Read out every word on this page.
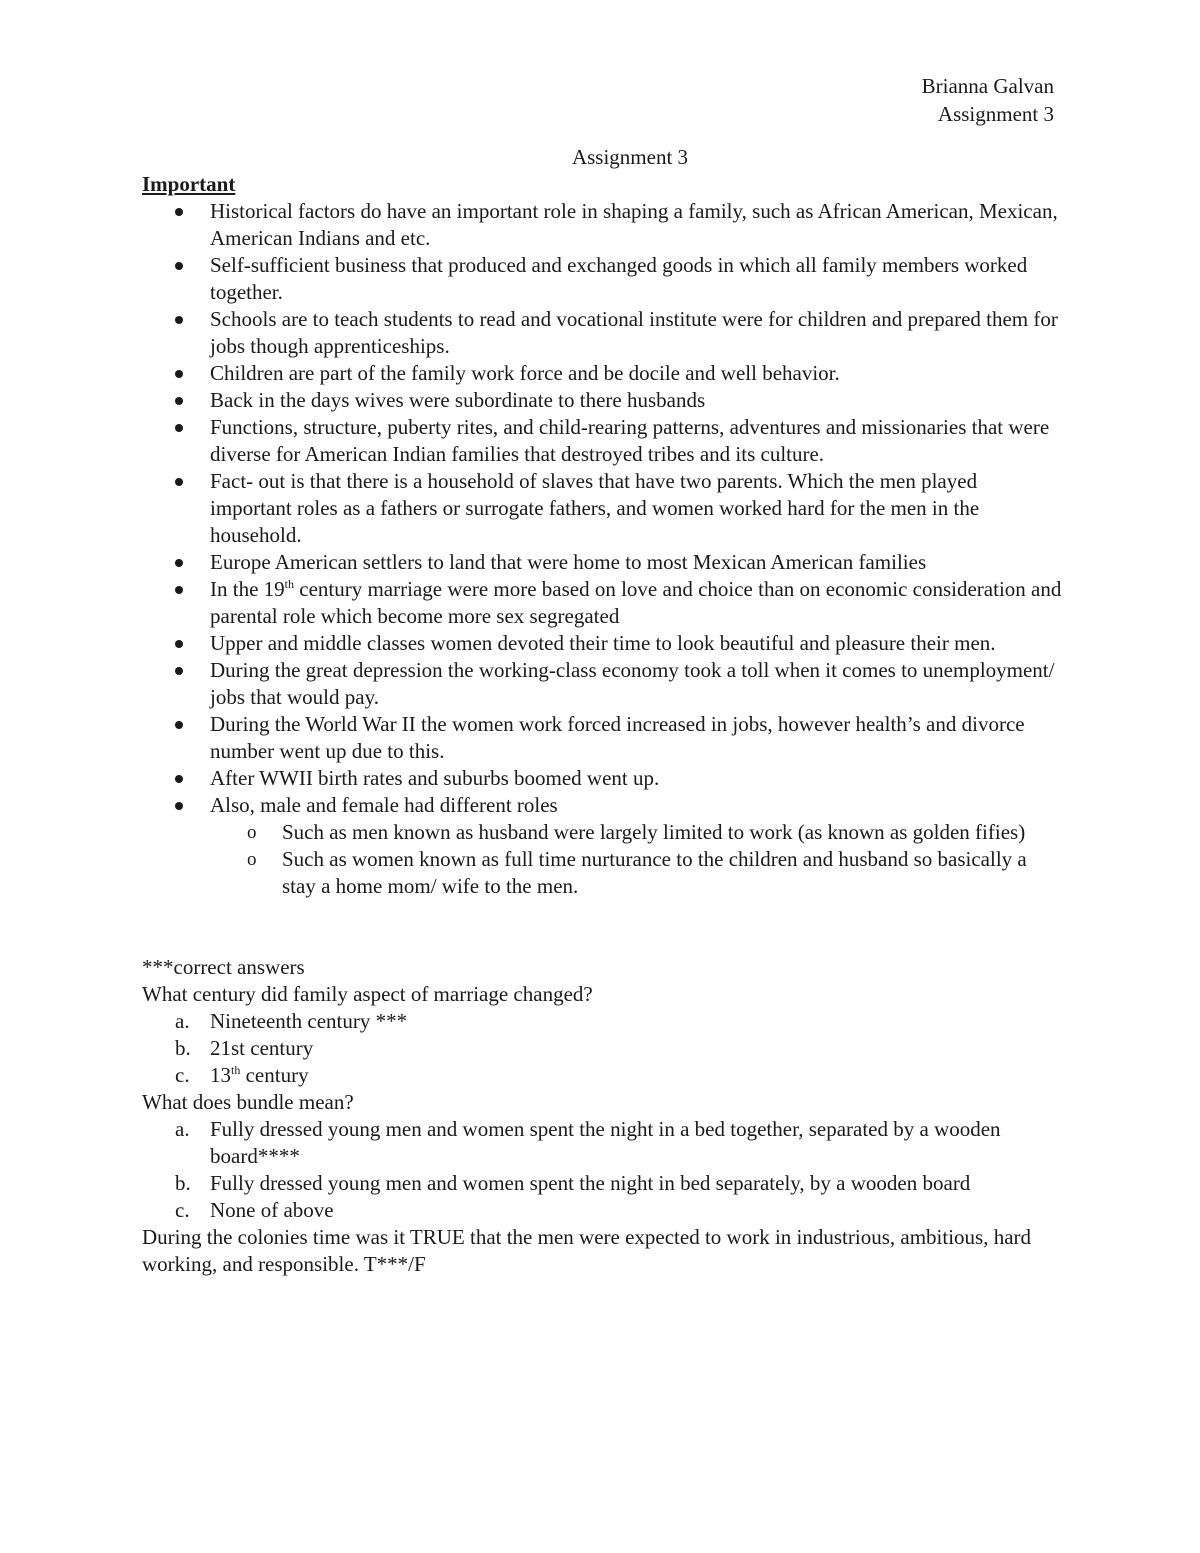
Brianna Galvan
Assignment 3
Assignment 3
Important
Historical factors do have an important role in shaping a family, such as African American, Mexican, American Indians and etc.
Self-sufficient business that produced and exchanged goods in which all family members worked together.
Schools are to teach students to read and vocational institute were for children and prepared them for jobs though apprenticeships.
Children are part of the family work force and be docile and well behavior.
Back in the days wives were subordinate to there husbands
Functions, structure, puberty rites, and child-rearing patterns, adventures and missionaries that were diverse for American Indian families that destroyed tribes and its culture.
Fact- out is that there is a household of slaves that have two parents. Which the men played important roles as a fathers or surrogate fathers, and women worked hard for the men in the household.
Europe American settlers to land that were home to most Mexican American families
In the 19th century marriage were more based on love and choice than on economic consideration and parental role which become more sex segregated
Upper and middle classes women devoted their time to look beautiful and pleasure their men.
During the great depression the working-class economy took a toll when it comes to unemployment/ jobs that would pay.
During the World War II the women work forced increased in jobs, however health’s and divorce number went up due to this.
After WWII birth rates and suburbs boomed went up.
Also, male and female had different roles
o Such as men known as husband were largely limited to work (as known as golden fifies)
o Such as women known as full time nurturance to the children and husband so basically a stay a home mom/ wife to the men.
***correct answers
What century did family aspect of marriage changed?
a. Nineteenth century ***
b. 21st century
c. 13th century
What does bundle mean?
a. Fully dressed young men and women spent the night in a bed together, separated by a wooden board****
b. Fully dressed young men and women spent the night in bed separately, by a wooden board
c. None of above
During the colonies time was it TRUE that the men were expected to work in industrious, ambitious, hard working, and responsible. T***/F
